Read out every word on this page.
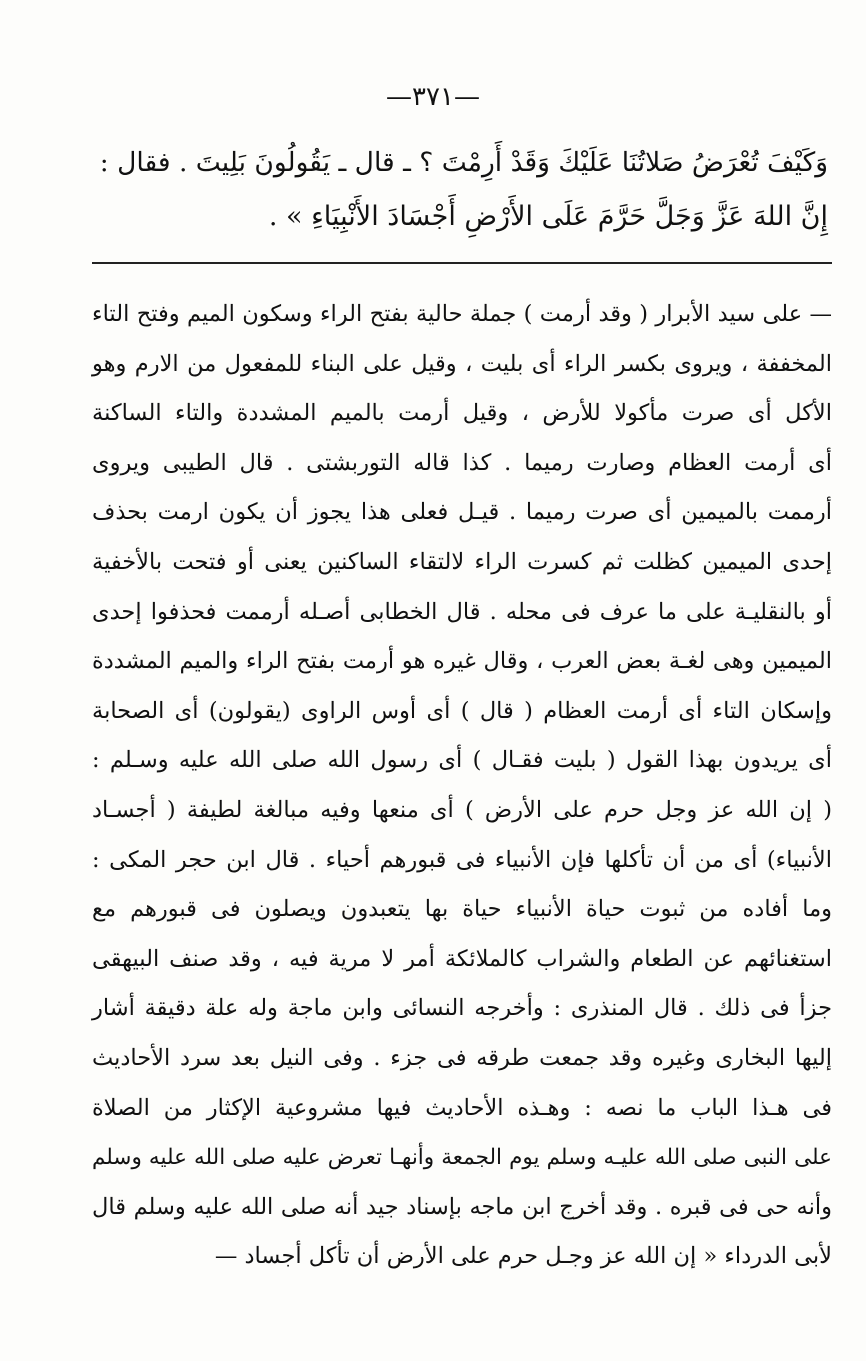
—٣٧١—
وَكَيْفَ تُعْرَضُ صَلاتُنَا عَلَيْكَ وَقَدْ أَرِمْتَ ؟ ـ قال ـ يَقُولُونَ بَلِيتَ . فقال :
إِنَّ اللهَ عَزَّ وَجَلَّ حَرَّمَ عَلَى الأَرْضِ أَجْسَادَ الأَنْبِيَاءِ » .
— على سيد الأبرار ( وقد أرمت ) جملة حالية بفتح الراء وسكون الميم وفتح التاء
المخففة ، ويروى بكسر الراء أى بليت ، وقيل على البناء للمفعول من الارم وهو
الأكل أى صرت مأكولا للأرض ، وقيل أرمت بالميم المشددة والتاء الساكنة
أى أرمت العظام وصارت رميما . كذا قاله التوربشتى . قال الطيبى ويروى
أرممت بالميمين أى صرت رميما . قيـل فعلى هذا يجوز أن يكون ارمت بحذف
إحدى الميمين كظلت ثم كسرت الراء لالتقاء الساكنين يعنى أو فتحت بالأخفية
أو بالنقليـة على ما عرف فى محله . قال الخطابى أصـله أرممت فحذفوا إحدى
الميمين وهى لغـة بعض العرب ، وقال غيره هو أرمت بفتح الراء والميم المشددة
وإسكان التاء أى أرمت العظام ( قال ) أى أوس الراوى (يقولون) أى الصحابة
أى يريدون بهذا القول ( بليت فقـال ) أى رسول الله صلى الله عليه وسـلم :
( إن الله عز وجل حرم على الأرض ) أى منعها وفيه مبالغة لطيفة ( أجسـاد
الأنبياء) أى من أن تأكلها فإن الأنبياء فى قبورهم أحياء . قال ابن حجر المكى :
وما أفاده من ثبوت حياة الأنبياء حياة بها يتعبدون ويصلون فى قبورهم مع
استغنائهم عن الطعام والشراب كالملائكة أمر لا مرية فيه ، وقد صنف البيهقى
جزأ فى ذلك . قال المنذرى : وأخرجه النسائى وابن ماجة وله علة دقيقة أشار
إليها البخارى وغيره وقد جمعت طرقه فى جزء . وفى النيل بعد سرد الأحاديث
فى هـذا الباب ما نصه : وهـذه الأحاديث فيها مشروعية الإكثار من الصلاة
على النبى صلى الله عليـه وسلم يوم الجمعة وأنهـا تعرض عليه صلى الله عليه وسلم
وأنه حى فى قبره . وقد أخرج ابن ماجه بإسناد جيد أنه صلى الله عليه وسلم قال
لأبى الدرداء « إن الله عز وجـل حرم على الأرض أن تأكل أجساد —
